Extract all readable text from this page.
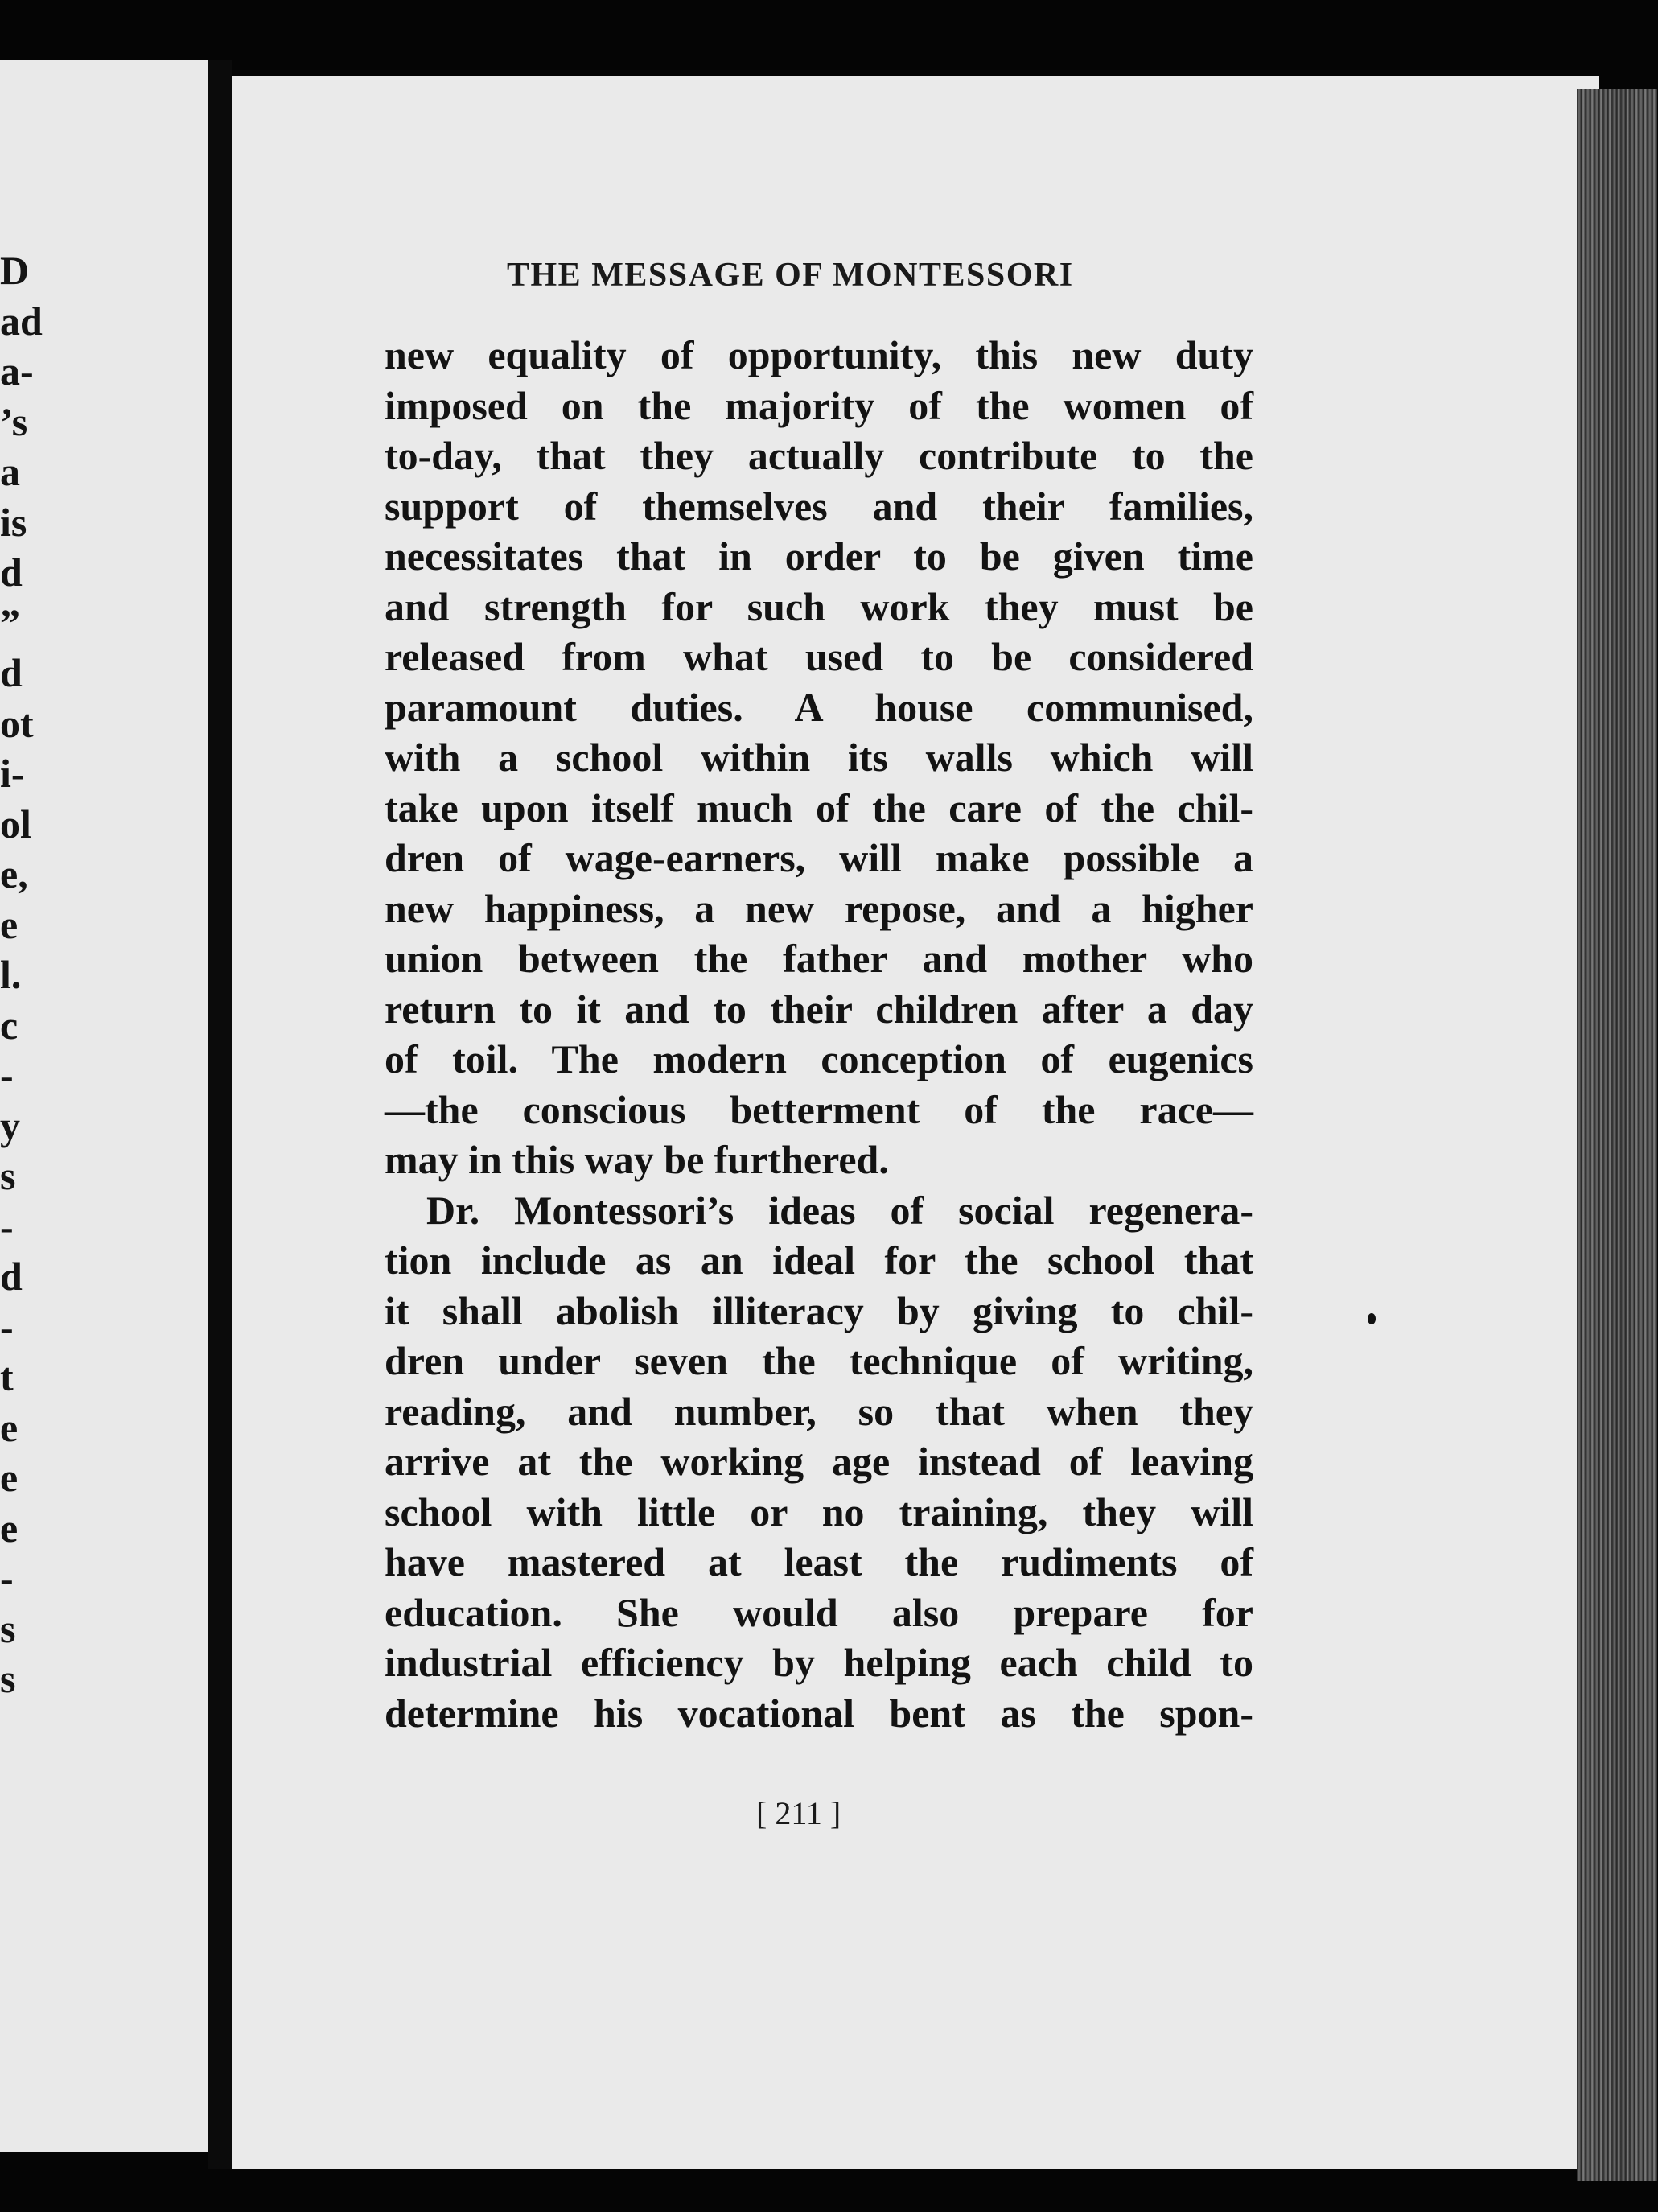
D
ad
a-
’s
a
is
d
”
d
ot
i-
ol
e,
e
l.
c
-
y
s
-
d
-
t
e
e
e
-
s
s
THE MESSAGE OF MONTESSORI
new equality of opportunity, this new duty
imposed on the majority of the women of
to-day, that they actually contribute to the
support of themselves and their families,
necessitates that in order to be given time
and strength for such work they must be
released from what used to be considered
paramount duties. A house communised,
with a school within its walls which will
take upon itself much of the care of the chil-
dren of wage-earners, will make possible a
new happiness, a new repose, and a higher
union between the father and mother who
return to it and to their children after a day
of toil. The modern conception of eugenics
—the conscious betterment of the race—
may in this way be furthered.
Dr. Montessori’s ideas of social regenera-
tion include as an ideal for the school that
it shall abolish illiteracy by giving to chil-
dren under seven the technique of writing,
reading, and number, so that when they
arrive at the working age instead of leaving
school with little or no training, they will
have mastered at least the rudiments of
education. She would also prepare for
industrial efficiency by helping each child to
determine his vocational bent as the spon-
[ 211 ]
